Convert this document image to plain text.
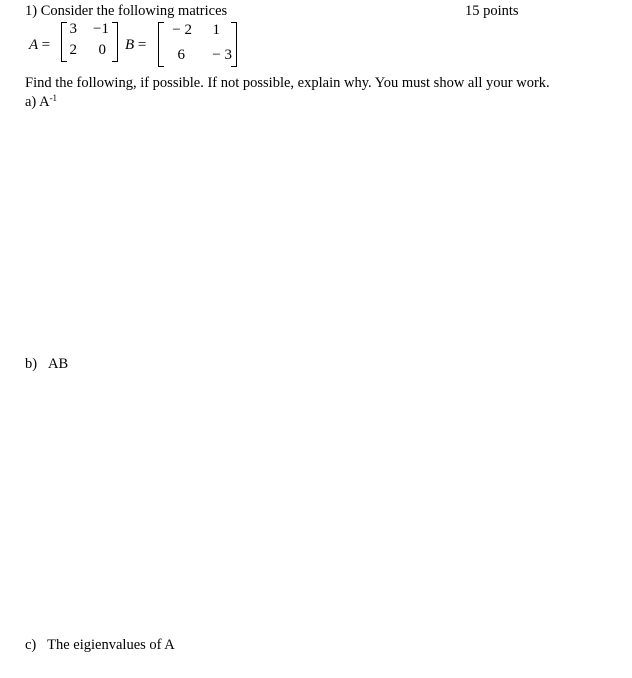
1) Consider the following matrices	15 points
A =
3	−1
2	0 B =
− 2	1
6	− 3
Find the following, if possible. If not possible, explain why. You must show all your work.
a) $A^{-1}$
b) AB
c) The eigienvalues of A
